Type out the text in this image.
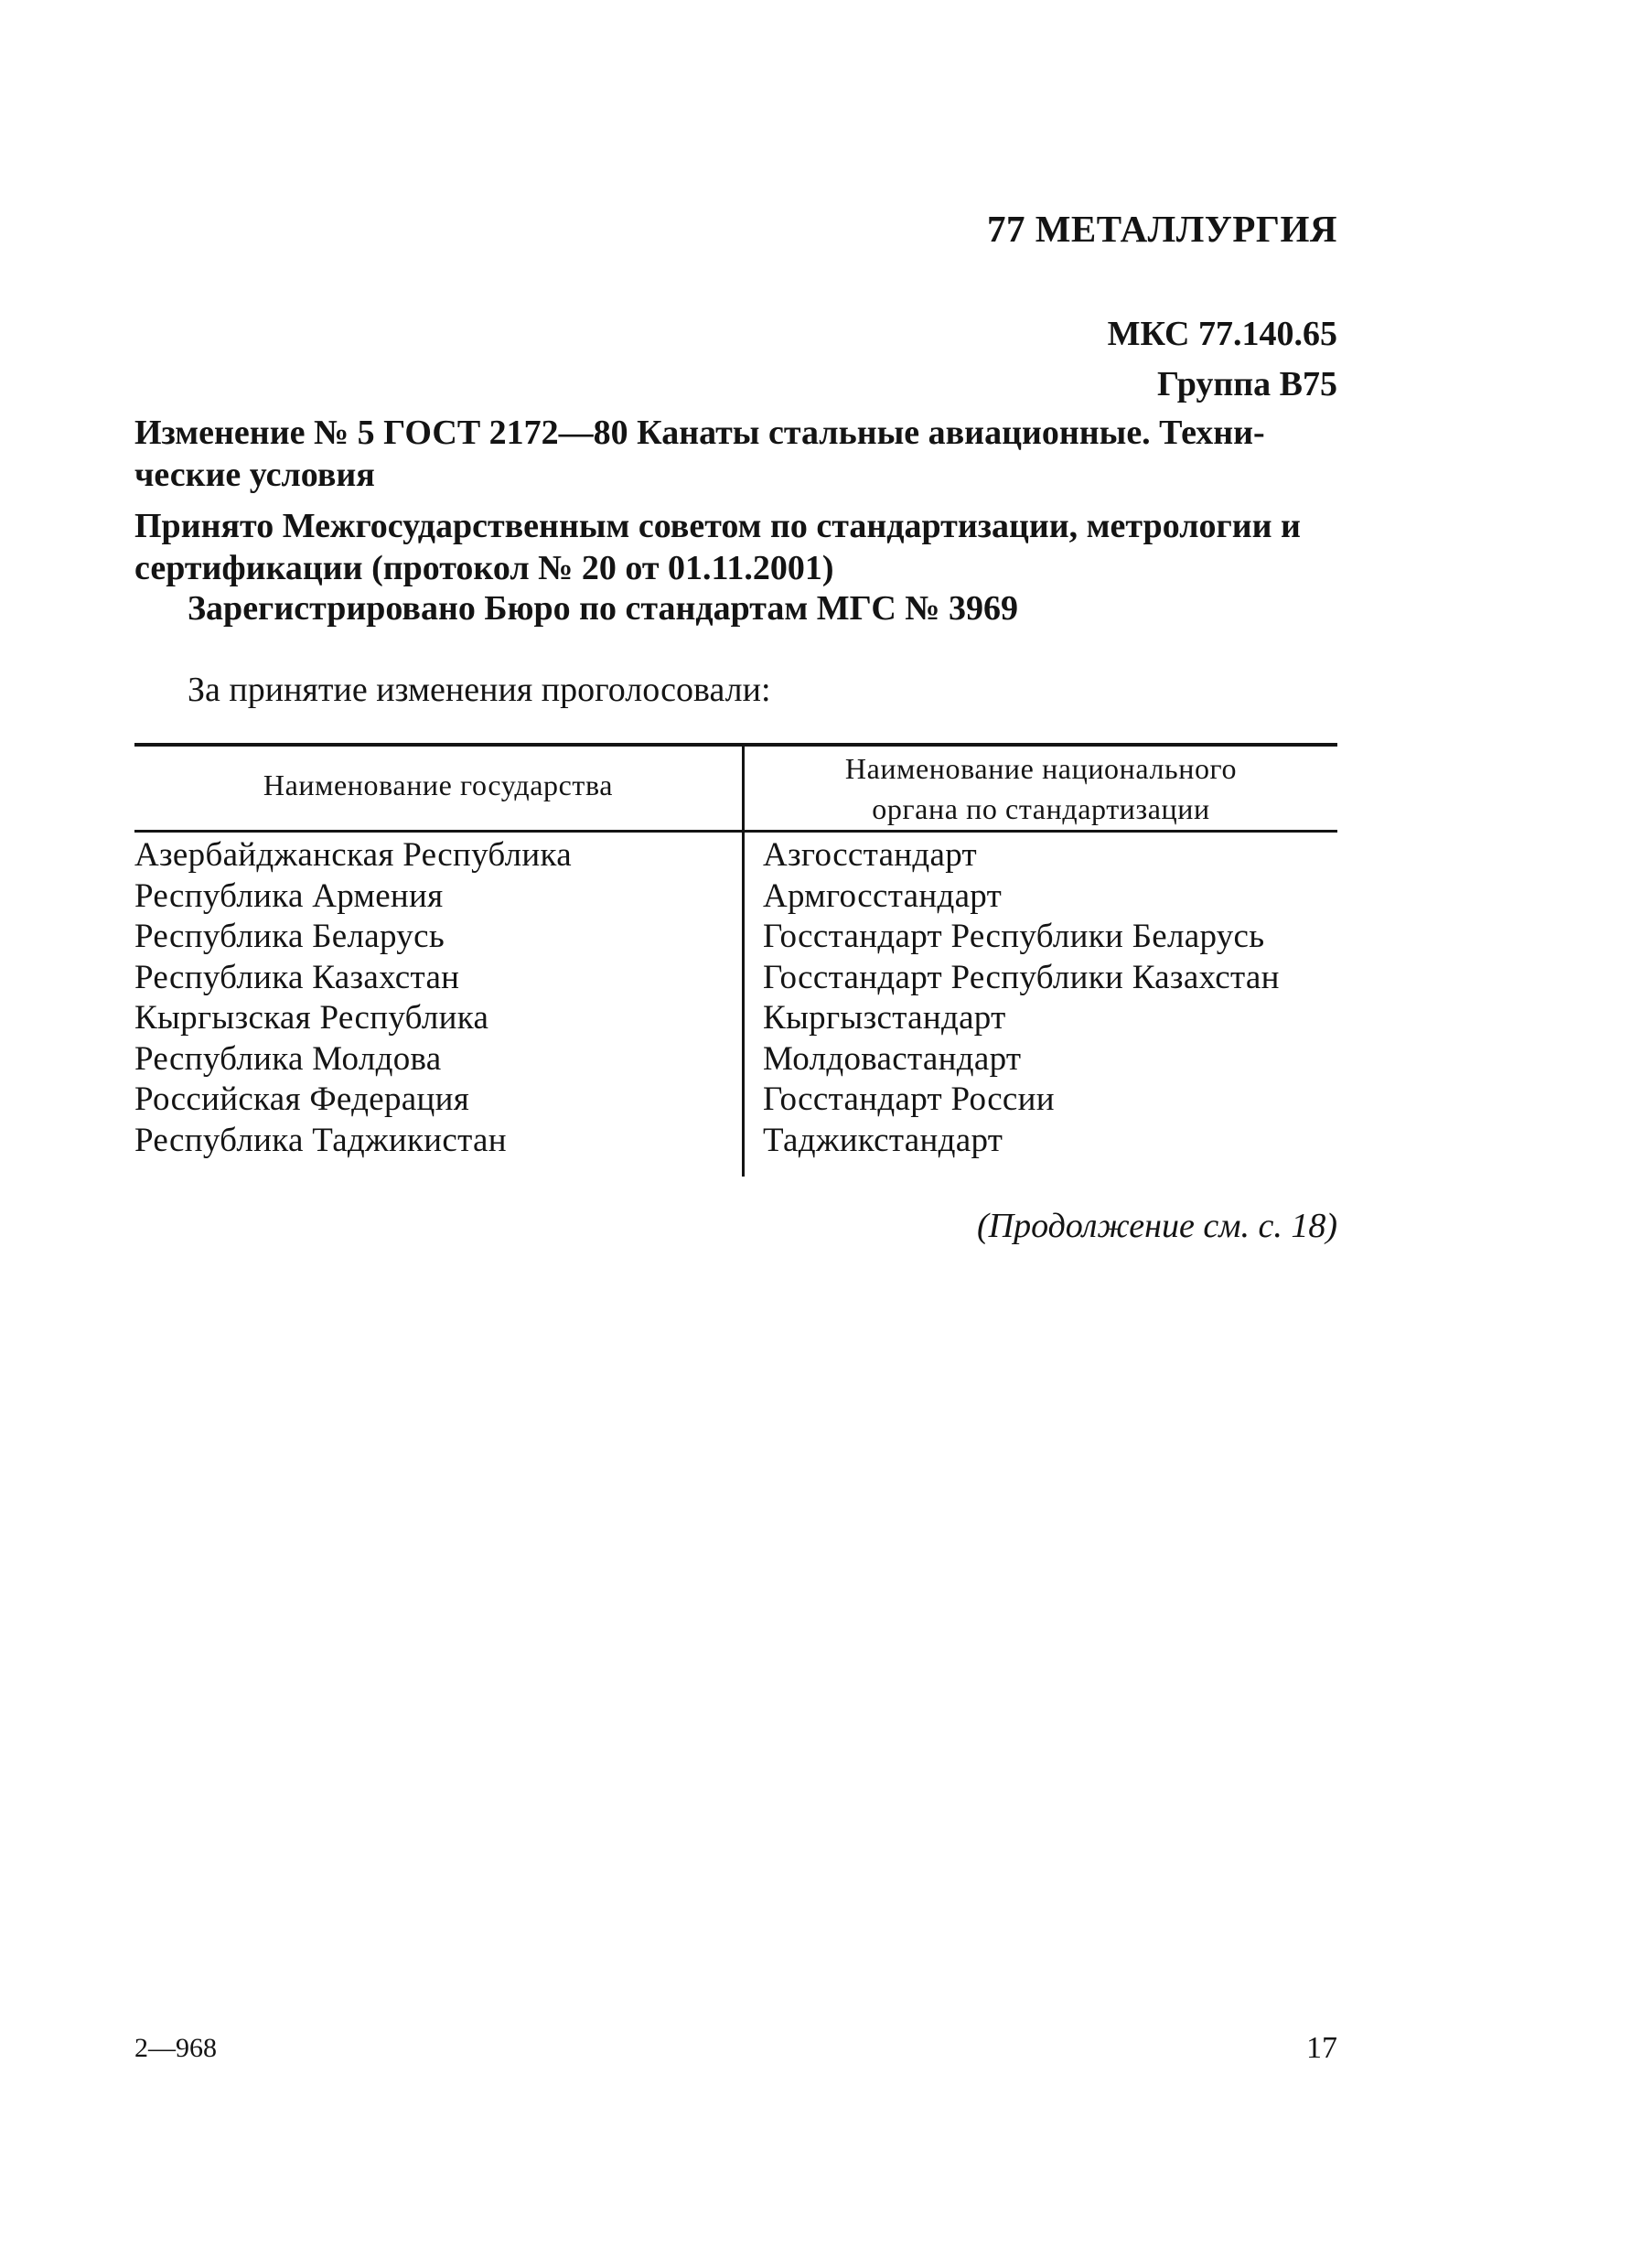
77 МЕТАЛЛУРГИЯ
МКС 77.140.65
Группа В75
Изменение № 5 ГОСТ 2172—80 Канаты стальные авиационные. Техни-
ческие условия
Принято Межгосударственным советом по стандартизации, метрологии и
сертификации (протокол № 20 от 01.11.2001)
Зарегистрировано Бюро по стандартам МГС № 3969
За принятие изменения проголосовали:
Наименование государства	Наименование национального
органа по стандартизации
Азербайджанская Республика
Республика Армения
Республика Беларусь
Республика Казахстан
Кыргызская Республика
Республика Молдова
Российская Федерация
Республика Таджикистан
Азгосстандарт
Армгосстандарт
Госстандарт Республики Беларусь
Госстандарт Республики Казахстан
Кыргызстандарт
Молдовастандарт
Госстандарт России
Таджикстандарт
(Продолжение см. с. 18)
2—968	17
